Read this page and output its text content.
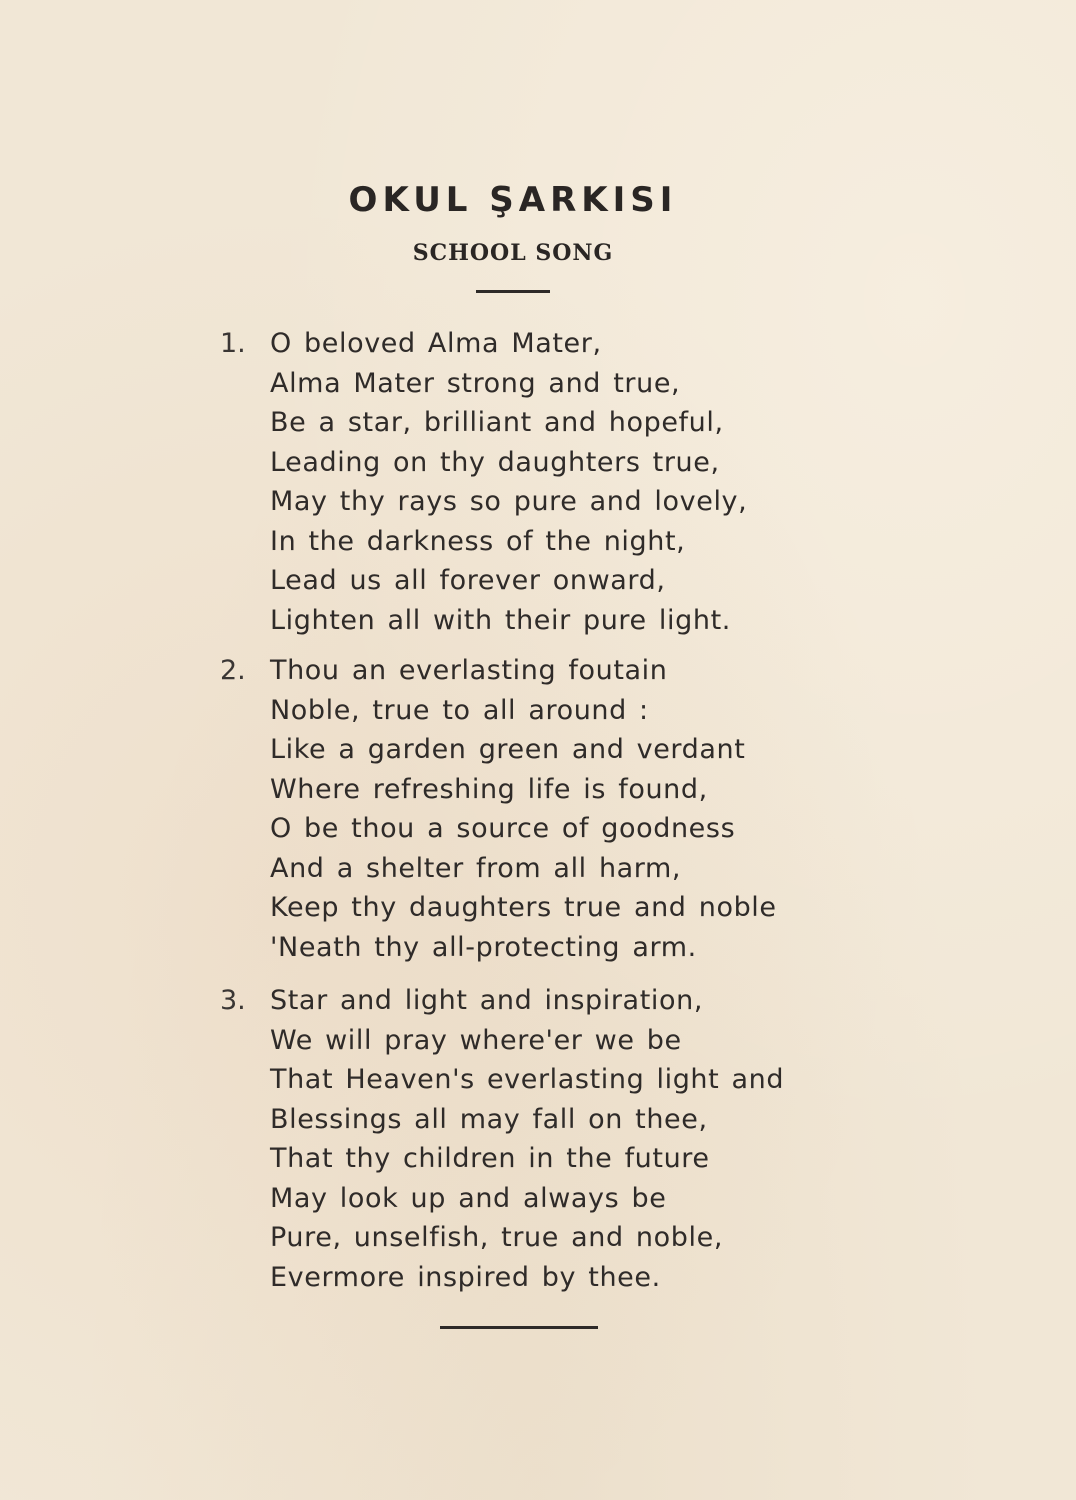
OKUL ŞARKISI
SCHOOL SONG
1. O beloved Alma Mater,
Alma Mater strong and true,
Be a star, brilliant and hopeful,
Leading on thy daughters true,
May thy rays so pure and lovely,
In the darkness of the night,
Lead us all forever onward,
Lighten all with their pure light.
2. Thou an everlasting foutain
Noble, true to all around :
Like a garden green and verdant
Where refreshing life is found,
O be thou a source of goodness
And a shelter from all harm,
Keep thy daughters true and noble
'Neath thy all-protecting arm.
3. Star and light and inspiration,
We will pray where'er we be
That Heaven's everlasting light and
Blessings all may fall on thee,
That thy children in the future
May look up and always be
Pure, unselfish, true and noble,
Evermore inspired by thee.
